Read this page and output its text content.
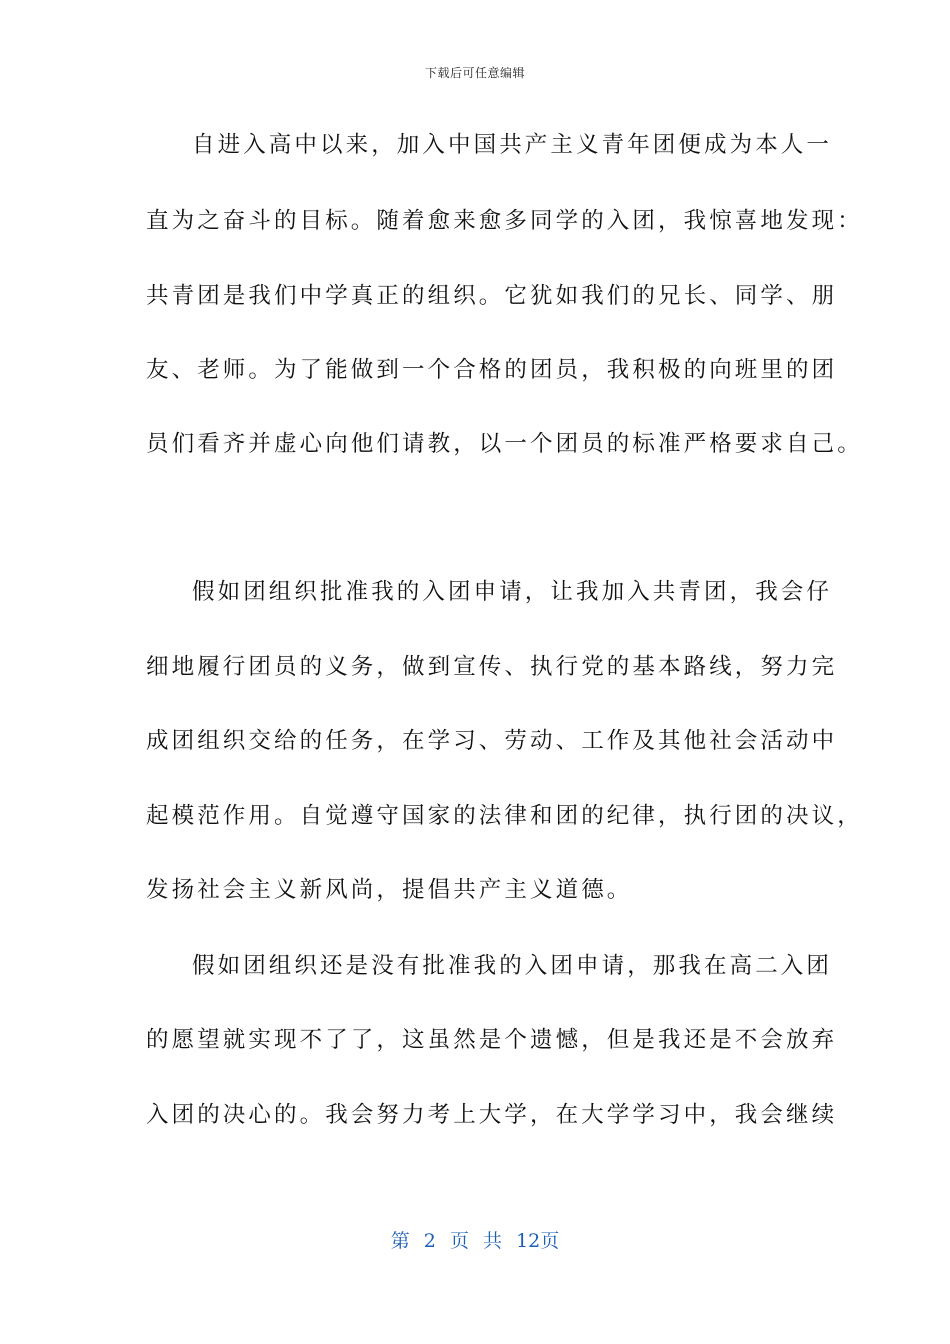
下载后可任意编辑
自进入高中以来，加入中国共产主义青年团便成为本人一
直为之奋斗的目标。随着愈来愈多同学的入团，我惊喜地发现：
共青团是我们中学真正的组织。它犹如我们的兄长、同学、朋
友、老师。为了能做到一个合格的团员，我积极的向班里的团
员们看齐并虚心向他们请教，以一个团员的标准严格要求自己。
假如团组织批准我的入团申请，让我加入共青团，我会仔
细地履行团员的义务，做到宣传、执行党的基本路线，努力完
成团组织交给的任务，在学习、劳动、工作及其他社会活动中
起模范作用。自觉遵守国家的法律和团的纪律，执行团的决议，
发扬社会主义新风尚，提倡共产主义道德。
假如团组织还是没有批准我的入团申请，那我在高二入团
的愿望就实现不了了，这虽然是个遗憾，但是我还是不会放弃
入团的决心的。我会努力考上大学，在大学学习中，我会继续
第 2 页 共 12页
